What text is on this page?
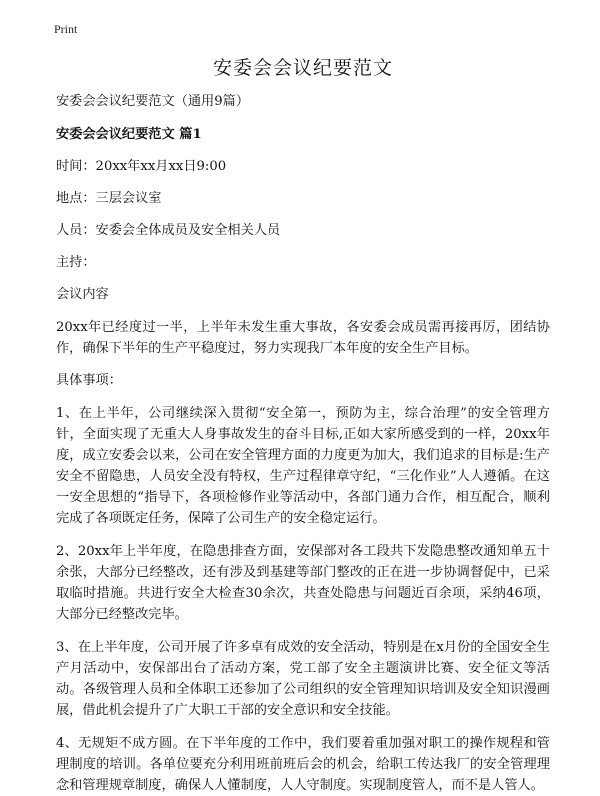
Print
安委会会议纪要范文

安委会会议纪要范文（通用9篇）

安委会会议纪要范文 篇1

时间：20xx年xx月xx日9:00

地点：三层会议室

人员：安委会全体成员及安全相关人员

主持：

会议内容

20xx年已经度过一半，上半年未发生重大事故，各安委会成员需再接再厉，团结协作，确保下半年的生产平稳度过，努力实现我厂本年度的安全生产目标。

具体事项：

1、在上半年，公司继续深入贯彻“安全第一，预防为主，综合治理”的安全管理方针，全面实现了无重大人身事故发生的奋斗目标,正如大家所感受到的一样，20xx年度，成立安委会以来，公司在安全管理方面的力度更为加大，我们追求的目标是:生产安全不留隐患，人员安全没有特权，生产过程律章守纪，“三化作业”人人遵循。在这一安全思想的“指导下，各项检修作业等活动中，各部门通力合作，相互配合，顺利完成了各项既定任务，保障了公司生产的安全稳定运行。

2、20xx年上半年度，在隐患排查方面，安保部对各工段共下发隐患整改通知单五十余张，大部分已经整改，还有涉及到基建等部门整改的正在进一步协调督促中，已采取临时措施。共进行安全大检查30余次，共查处隐患与问题近百余项，采纳46项，大部分已经整改完毕。

3、在上半年度，公司开展了许多卓有成效的安全活动，特别是在x月份的全国安全生产月活动中，安保部出台了活动方案，党工部了安全主题演讲比赛、安全征文等活动。各级管理人员和全体职工还参加了公司组织的安全管理知识培训及安全知识漫画展，借此机会提升了广大职工干部的安全意识和安全技能。

4、无规矩不成方圆。在下半年度的工作中，我们要着重加强对职工的操作规程和管理制度的培训。各单位要充分利用班前班后会的机会，给职工传达我厂的安全管理理念和管理规章制度，确保人人懂制度，人人守制度。实现制度管人，而不是人管人。
